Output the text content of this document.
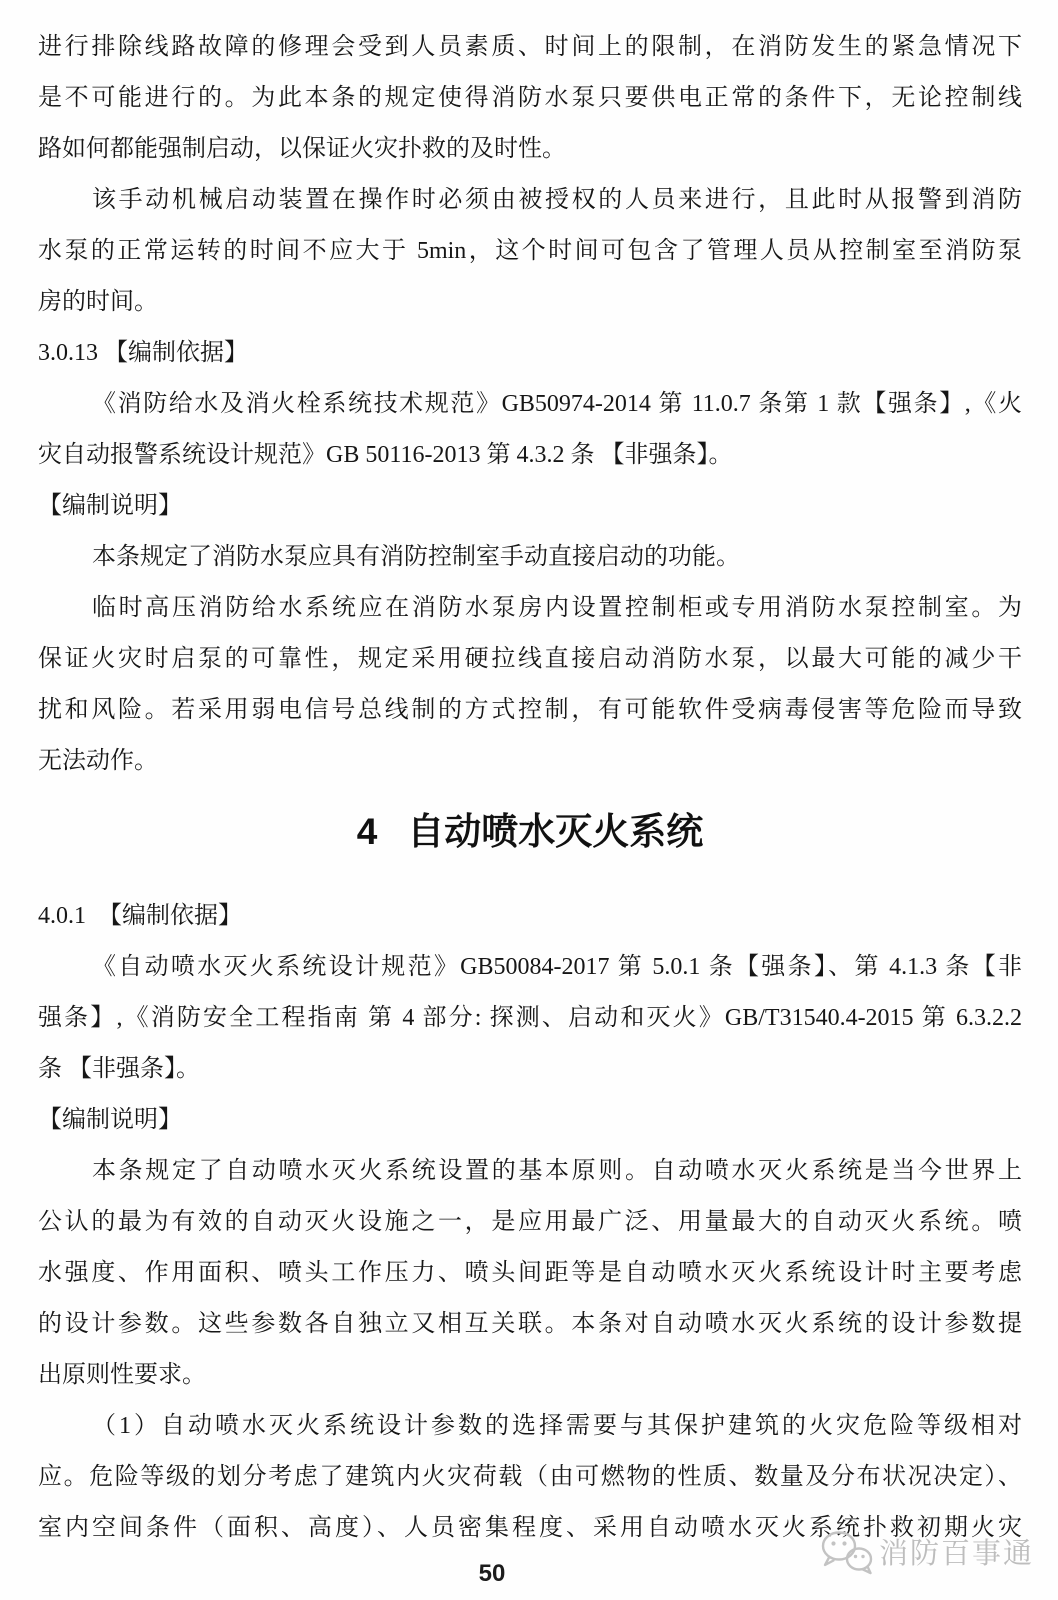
进行排除线路故障的修理会受到人员素质、时间上的限制，在消防发生的紧急情况下
是不可能进行的。为此本条的规定使得消防水泵只要供电正常的条件下，无论控制线
路如何都能强制启动，以保证火灾扑救的及时性。
该手动机械启动装置在操作时必须由被授权的人员来进行，且此时从报警到消防
水泵的正常运转的时间不应大于 5min，这个时间可包含了管理人员从控制室至消防泵
房的时间。
3.0.13 【编制依据】
《消防给水及消火栓系统技术规范》GB50974-2014 第 11.0.7 条第 1 款【强条】,《火
灾自动报警系统设计规范》GB 50116-2013 第 4.3.2 条 【非强条】。
【编制说明】
本条规定了消防水泵应具有消防控制室手动直接启动的功能。
临时高压消防给水系统应在消防水泵房内设置控制柜或专用消防水泵控制室。为
保证火灾时启泵的可靠性，规定采用硬拉线直接启动消防水泵，以最大可能的减少干
扰和风险。若采用弱电信号总线制的方式控制，有可能软件受病毒侵害等危险而导致
无法动作。
4 自动喷水灭火系统
4.0.1　【编制依据】
《自动喷水灭火系统设计规范》GB50084-2017 第 5.0.1 条【强条】、第 4.1.3 条【非
强条】,《消防安全工程指南 第 4 部分: 探测、启动和灭火》GB/T31540.4-2015 第 6.3.2.2
条 【非强条】。
【编制说明】
本条规定了自动喷水灭火系统设置的基本原则。自动喷水灭火系统是当今世界上
公认的最为有效的自动灭火设施之一，是应用最广泛、用量最大的自动灭火系统。喷
水强度、作用面积、喷头工作压力、喷头间距等是自动喷水灭火系统设计时主要考虑
的设计参数。这些参数各自独立又相互关联。本条对自动喷水灭火系统的设计参数提
出原则性要求。
（1）自动喷水灭火系统设计参数的选择需要与其保护建筑的火灾危险等级相对
应。危险等级的划分考虑了建筑内火灾荷载（由可燃物的性质、数量及分布状况决定）、
室内空间条件（面积、高度）、人员密集程度、采用自动喷水灭火系统扑救初期火灾
消防百事通
50
